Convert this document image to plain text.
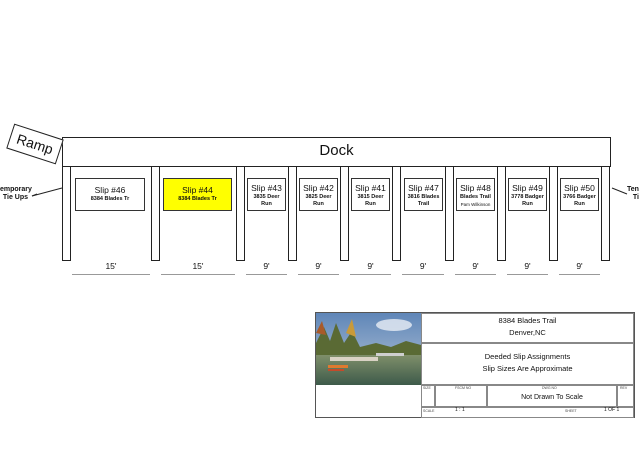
Dock
Ramp
emporary
Tie Ups
Ten
Ti
Slip #46
8384 Blades Tr
Slip #44
8384 Blades Tr
Slip #43
3835 Deer Run
Slip #42
3825 Deer Run
Slip #41
3815 Deer Run
Slip #47
3816 Blades Trail
Slip #48
Blades Trail
Pam Wilkinson
Slip #49
3778 Badger Run
Slip #50
3766 Badger Run
15'	15'	9'	9'	9'	9'	9'	9'	9'
8384 Blades Trail
Denver,NC
Deeded Slip Assignments
Slip Sizes Are Approximate
SIZE	FSCM NO	DWG NO
Not Drawn To Scale
REV
SCALE	1 : 1	SHEET	1 OF 1
